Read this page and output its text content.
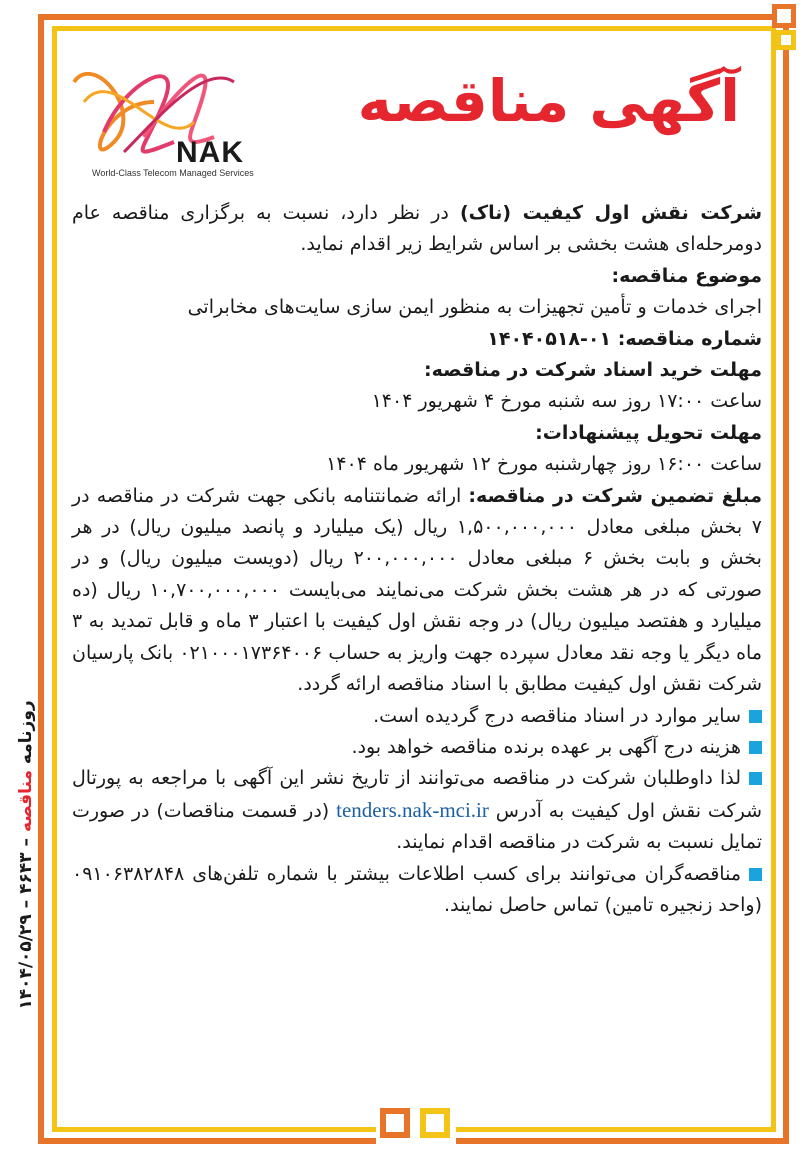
NAK
World-Class Telecom Managed Services
آگهی مناقصه

شرکت نقش اول کیفیت (ناک) در نظر دارد، نسبت به برگزاری مناقصه عام دومرحله‌ای هشت بخشی بر اساس شرایط زیر اقدام نماید.

موضوع مناقصه:

اجرای خدمات و تأمین تجهیزات به منظور ایمن سازی سایت‌های مخابراتی

شماره مناقصه: ۱۴۰۴۰۵۱۸-۰۱

مهلت خرید اسناد شرکت در مناقصه:

ساعت ۱۷:۰۰ روز سه شنبه مورخ ۴ شهریور ۱۴۰۴

مهلت تحویل پیشنهادات:

ساعت ۱۶:۰۰ روز چهارشنبه مورخ ۱۲ شهریور ماه ۱۴۰۴

مبلغ تضمین شرکت در مناقصه: ارائه ضمانتنامه بانکی جهت شرکت در مناقصه در ۷ بخش مبلغی معادل ۱,۵۰۰,۰۰۰,۰۰۰ ریال (یک میلیارد و پانصد میلیون ریال) در هر بخش و بابت بخش ۶ مبلغی معادل ۲۰۰,۰۰۰,۰۰۰ ریال (دویست میلیون ریال) و در صورتی که در هر هشت بخش شرکت می‌نمایند می‌بایست ۱۰,۷۰۰,۰۰۰,۰۰۰ ریال (ده میلیارد و هفتصد میلیون ریال) در وجه نقش اول کیفیت با اعتبار ۳ ماه و قابل تمدید به ۳ ماه دیگر یا وجه نقد معادل سپرده جهت واریز به حساب ۰۲۱۰۰۰۱۷۳۶۴۰۰۶ بانک پارسیان شرکت نقش اول کیفیت مطابق با اسناد مناقصه ارائه گردد.

سایر موارد در اسناد مناقصه درج گردیده است.

هزینه درج آگهی بر عهده برنده مناقصه خواهد بود.

لذا داوطلبان شرکت در مناقصه می‌توانند از تاریخ نشر این آگهی با مراجعه به پورتال شرکت نقش اول کیفیت به آدرس tenders.nak-mci.ir (در قسمت مناقصات) در صورت تمایل نسبت به شرکت در مناقصه اقدام نمایند.

مناقصه‌گران می‌توانند برای کسب اطلاعات بیشتر با شماره تلفن‌های ۰۹۱۰۶۳۸۲۸۴۸ (واحد زنجیره تامین) تماس حاصل نمایند.

روزنامه مناقصه – ۴۶۴۳ – ۱۴۰۴/۰۵/۲۹
